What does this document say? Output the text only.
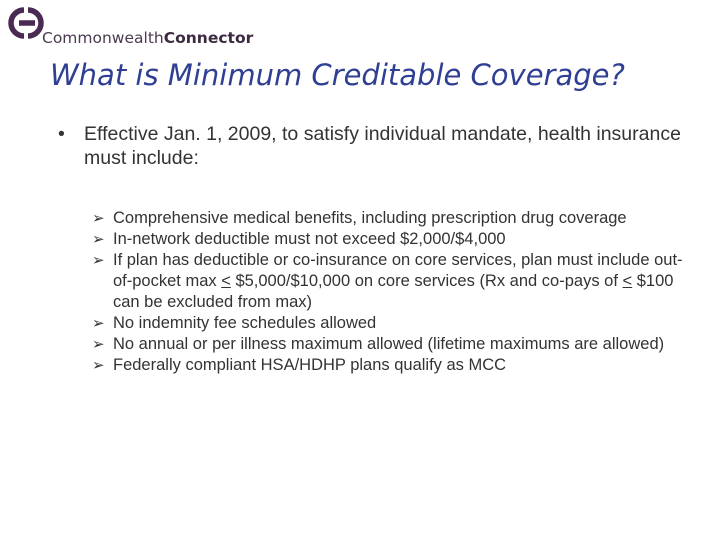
CommonwealthConnector
What is Minimum Creditable Coverage?
• Effective Jan. 1, 2009, to satisfy individual mandate, health insurance must include:
➢ Comprehensive medical benefits, including prescription drug coverage
➢ In-network deductible must not exceed $2,000/$4,000
➢ If plan has deductible or co-insurance on core services, plan must include out-of-pocket max < $5,000/$10,000 on core services (Rx and co-pays of < $100 can be excluded from max)
➢ No indemnity fee schedules allowed
➢ No annual or per illness maximum allowed (lifetime maximums are allowed)
➢ Federally compliant HSA/HDHP plans qualify as MCC
